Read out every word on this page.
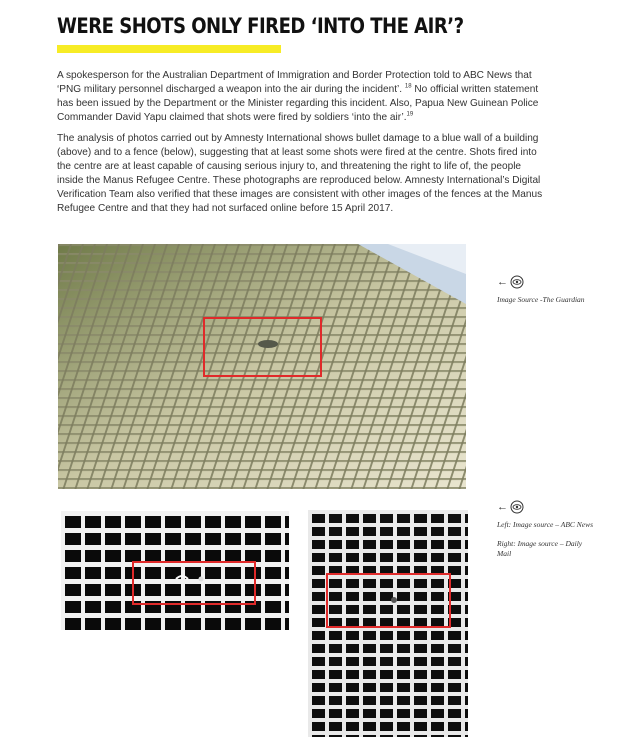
WERE SHOTS ONLY FIRED ‘INTO THE AIR’?

A spokesperson for the Australian Department of Immigration and Border Protection told to ABC News that ‘PNG military personnel discharged a weapon into the air during the incident’. $^{18}$ No official written statement has been issued by the Department or the Minister regarding this incident. Also, Papua New Guinean Police Commander David Yapu claimed that shots were fired by soldiers ‘into the air’.$^{19}$

The analysis of photos carried out by Amnesty International shows bullet damage to a blue wall of a building (above) and to a fence (below), suggesting that at least some shots were fired at the centre. Shots fired into the centre are at least capable of causing serious injury to, and threatening the right to life of, the people inside the Manus Refugee Centre. These photographs are reproduced below. Amnesty International’s Digital Verification Team also verified that these images are consistent with other images of the fences at the Manus Refugee Centre and that they had not surfaced online before 15 April 2017.

←
Image Source -The Guardian
←
Left: Image source – ABC News
Right: Image source – Daily Mail
